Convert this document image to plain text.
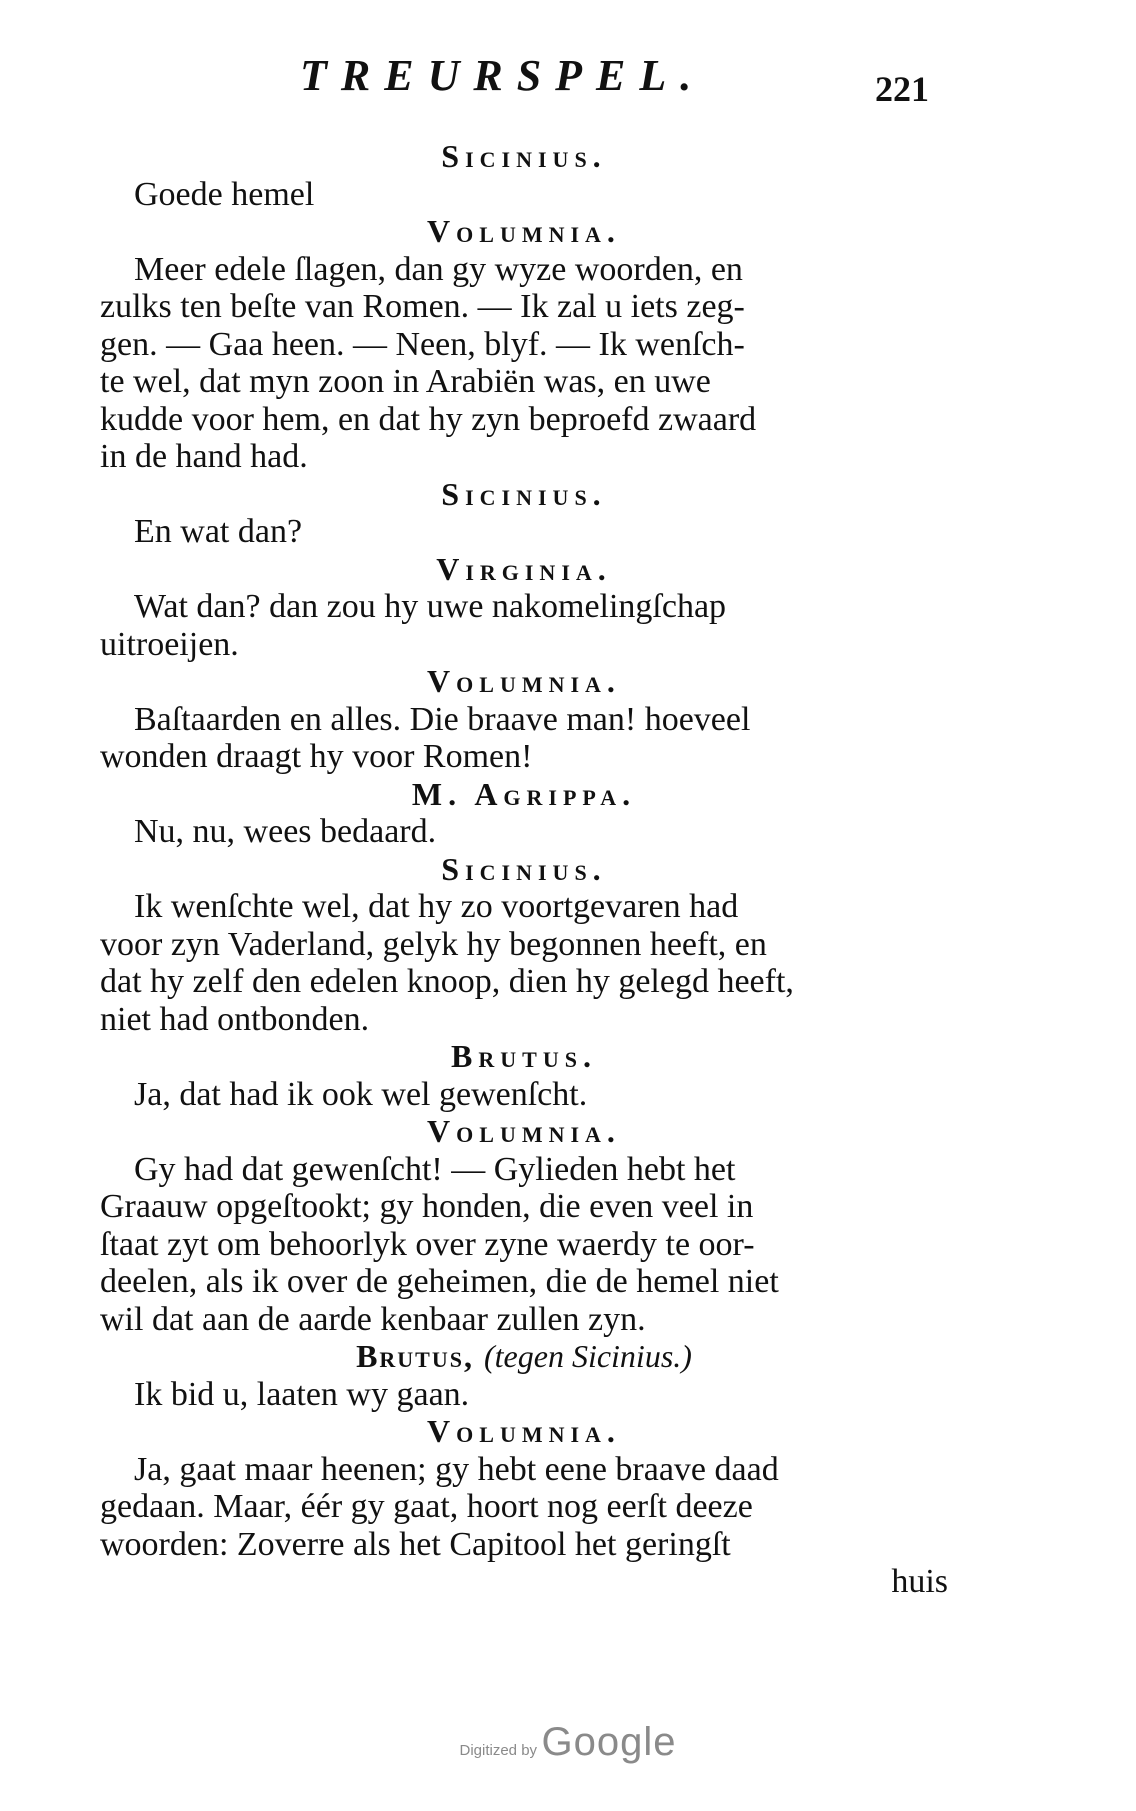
TREURSPEL.	221
Sicinius.
Goede hemel
Volumnia.
Meer edele ſlagen, dan gy wyze woorden, en
zulks ten beſte van Romen. — Ik zal u iets zeg-
gen. — Gaa heen. — Neen, blyf. — Ik wenſch-
te wel, dat myn zoon in Arabiën was, en uwe
kudde voor hem, en dat hy zyn beproefd zwaard
in de hand had.
Sicinius.
En wat dan?
Virginia.
Wat dan? dan zou hy uwe nakomelingſchap
uitroeijen.
Volumnia.
Baſtaarden en alles. Die braave man! hoeveel
wonden draagt hy voor Romen!
M. Agrippa.
Nu, nu, wees bedaard.
Sicinius.
Ik wenſchte wel, dat hy zo voortgevaren had
voor zyn Vaderland, gelyk hy begonnen heeft, en
dat hy zelf den edelen knoop, dien hy gelegd heeft,
niet had ontbonden.
Brutus.
Ja, dat had ik ook wel gewenſcht.
Volumnia.
Gy had dat gewenſcht! — Gylieden hebt het
Graauw opgeſtookt; gy honden, die even veel in
ſtaat zyt om behoorlyk over zyne waerdy te oor-
deelen, als ik over de geheimen, die de hemel niet
wil dat aan de aarde kenbaar zullen zyn.
Brutus, (tegen Sicinius.)
Ik bid u, laaten wy gaan.
Volumnia.
Ja, gaat maar heenen; gy hebt eene braave daad
gedaan. Maar, éér gy gaat, hoort nog eerſt deeze
woorden: Zoverre als het Capitool het geringſt
huis
Digitized by Google
